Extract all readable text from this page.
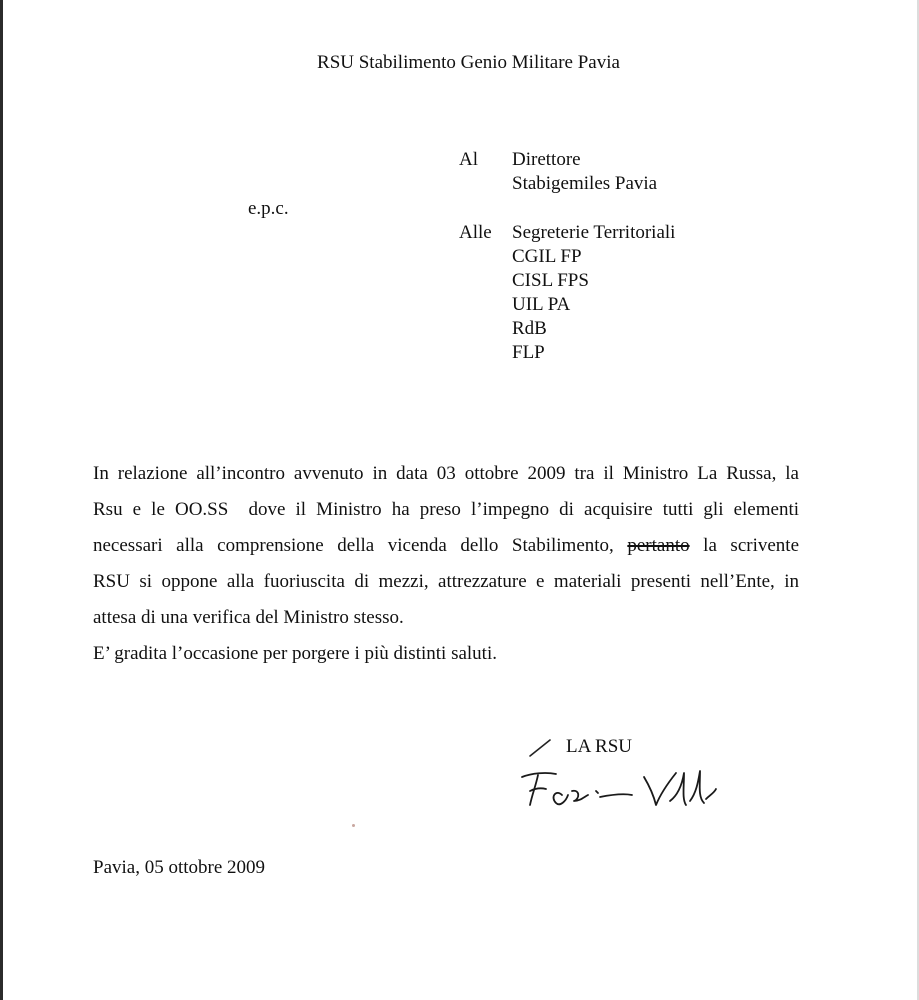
RSU Stabilimento Genio Militare Pavia
Al Direttore
Stabigemiles Pavia
e.p.c.
Alle Segreterie Territoriali
CGIL FP
CISL FPS
UIL PA
RdB
FLP
In relazione all’incontro avvenuto in data 03 ottobre 2009 tra il Ministro La Russa, la
Rsu e le OO.SS  dove il Ministro ha preso l’impegno di acquisire tutti gli elementi
necessari alla comprensione della vicenda dello Stabilimento, pertanto la scrivente
RSU si oppone alla fuoriuscita di mezzi, attrezzature e materiali presenti nell’Ente, in
attesa di una verifica del Ministro stesso.
E’ gradita l’occasione per porgere i più distinti saluti.
LA RSU
Pavia, 05 ottobre 2009
